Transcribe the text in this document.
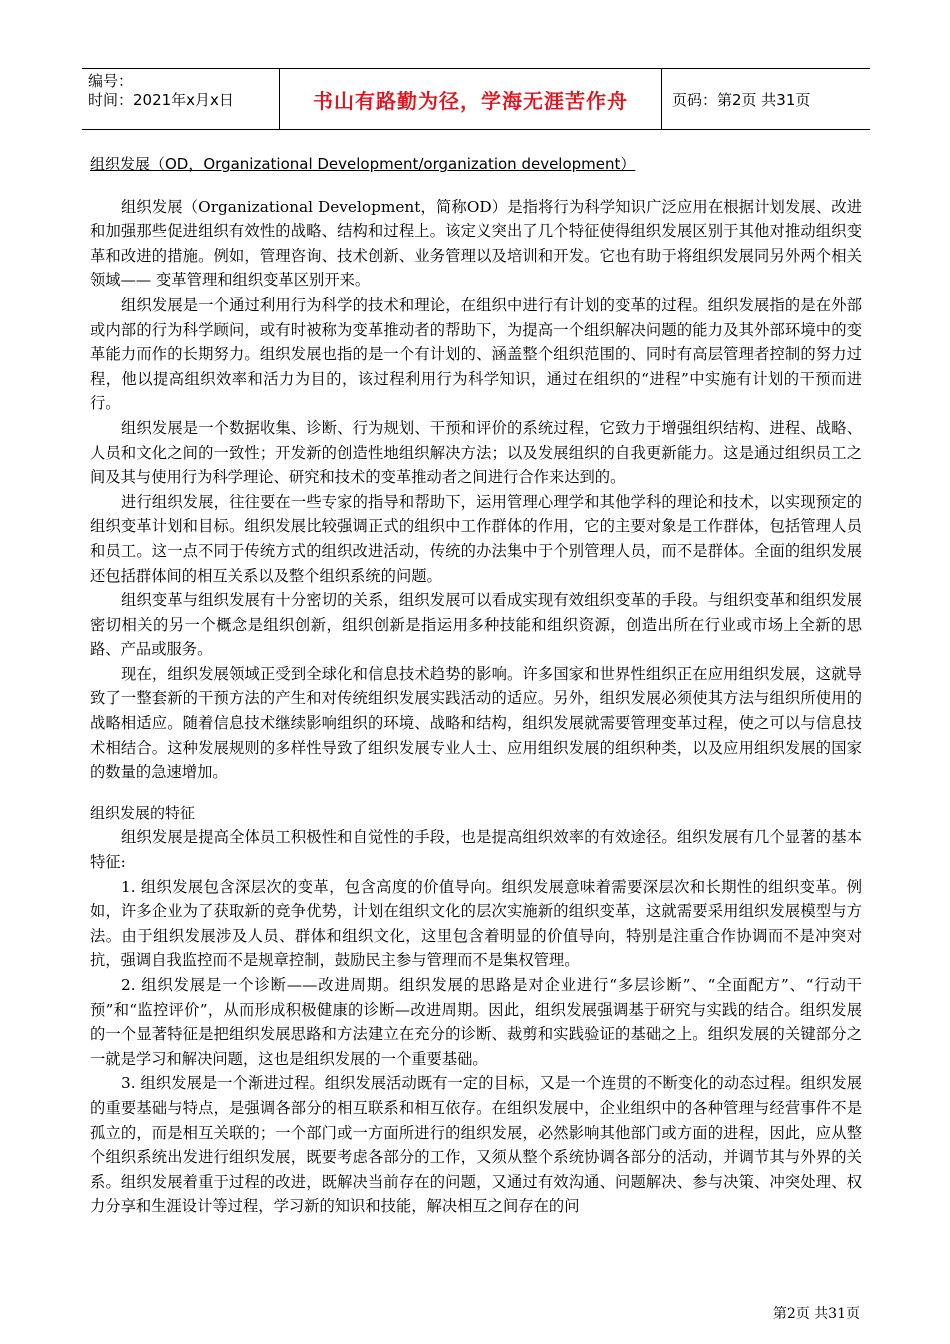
编号：
时间：2021年x月x日	书山有路勤为径，学海无涯苦作舟	页码：第2页 共31页
组织发展（OD，Organizational Development/organization development）

组织发展（Organizational Development，简称OD）是指将行为科学知识广泛应用在根据计划发展、改进和加强那些促进组织有效性的战略、结构和过程上。该定义突出了几个特征使得组织发展区别于其他对推动组织变革和改进的措施。例如，管理咨询、技术创新、业务管理以及培训和开发。它也有助于将组织发展同另外两个相关领域—— 变革管理和组织变革区别开来。

组织发展是一个通过利用行为科学的技术和理论，在组织中进行有计划的变革的过程。组织发展指的是在外部或内部的行为科学顾问，或有时被称为变革推动者的帮助下，为提高一个组织解决问题的能力及其外部环境中的变革能力而作的长期努力。组织发展也指的是一个有计划的、涵盖整个组织范围的、同时有高层管理者控制的努力过程，他以提高组织效率和活力为目的，该过程利用行为科学知识，通过在组织的“进程”中实施有计划的干预而进行。

组织发展是一个数据收集、诊断、行为规划、干预和评价的系统过程，它致力于增强组织结构、进程、战略、人员和文化之间的一致性；开发新的创造性地组织解决方法；以及发展组织的自我更新能力。这是通过组织员工之间及其与使用行为科学理论、研究和技术的变革推动者之间进行合作来达到的。

进行组织发展，往往要在一些专家的指导和帮助下，运用管理心理学和其他学科的理论和技术，以实现预定的组织变革计划和目标。组织发展比较强调正式的组织中工作群体的作用，它的主要对象是工作群体，包括管理人员和员工。这一点不同于传统方式的组织改进活动，传统的办法集中于个别管理人员，而不是群体。全面的组织发展还包括群体间的相互关系以及整个组织系统的问题。

组织变革与组织发展有十分密切的关系，组织发展可以看成实现有效组织变革的手段。与组织变革和组织发展密切相关的另一个概念是组织创新，组织创新是指运用多种技能和组织资源，创造出所在行业或市场上全新的思路、产品或服务。

现在，组织发展领域正受到全球化和信息技术趋势的影响。许多国家和世界性组织正在应用组织发展，这就导致了一整套新的干预方法的产生和对传统组织发展实践活动的适应。另外，组织发展必须使其方法与组织所使用的战略相适应。随着信息技术继续影响组织的环境、战略和结构，组织发展就需要管理变革过程，使之可以与信息技术相结合。这种发展规则的多样性导致了组织发展专业人士、应用组织发展的组织种类，以及应用组织发展的国家的数量的急速增加。

组织发展的特征

组织发展是提高全体员工积极性和自觉性的手段，也是提高组织效率的有效途径。组织发展有几个显著的基本特征:

1. 组织发展包含深层次的变革，包含高度的价值导向。组织发展意味着需要深层次和长期性的组织变革。例如，许多企业为了获取新的竞争优势，计划在组织文化的层次实施新的组织变革，这就需要采用组织发展模型与方法。由于组织发展涉及人员、群体和组织文化，这里包含着明显的价值导向，特别是注重合作协调而不是冲突对抗，强调自我监控而不是规章控制，鼓励民主参与管理而不是集权管理。

2. 组织发展是一个诊断——改进周期。组织发展的思路是对企业进行“多层诊断”、“全面配方”、“行动干预”和“监控评价”，从而形成积极健康的诊断—改进周期。因此，组织发展强调基于研究与实践的结合。组织发展的一个显著特征是把组织发展思路和方法建立在充分的诊断、裁剪和实践验证的基础之上。组织发展的关键部分之一就是学习和解决问题，这也是组织发展的一个重要基础。

3. 组织发展是一个渐进过程。组织发展活动既有一定的目标，又是一个连贯的不断变化的动态过程。组织发展的重要基础与特点，是强调各部分的相互联系和相互依存。在组织发展中，企业组织中的各种管理与经营事件不是孤立的，而是相互关联的；一个部门或一方面所进行的组织发展，必然影响其他部门或方面的进程，因此，应从整个组织系统出发进行组织发展，既要考虑各部分的工作，又须从整个系统协调各部分的活动，并调节其与外界的关系。组织发展着重于过程的改进，既解决当前存在的问题，又通过有效沟通、问题解决、参与决策、冲突处理、权力分享和生涯设计等过程，学习新的知识和技能，解决相互之间存在的问

第2页 共31页
